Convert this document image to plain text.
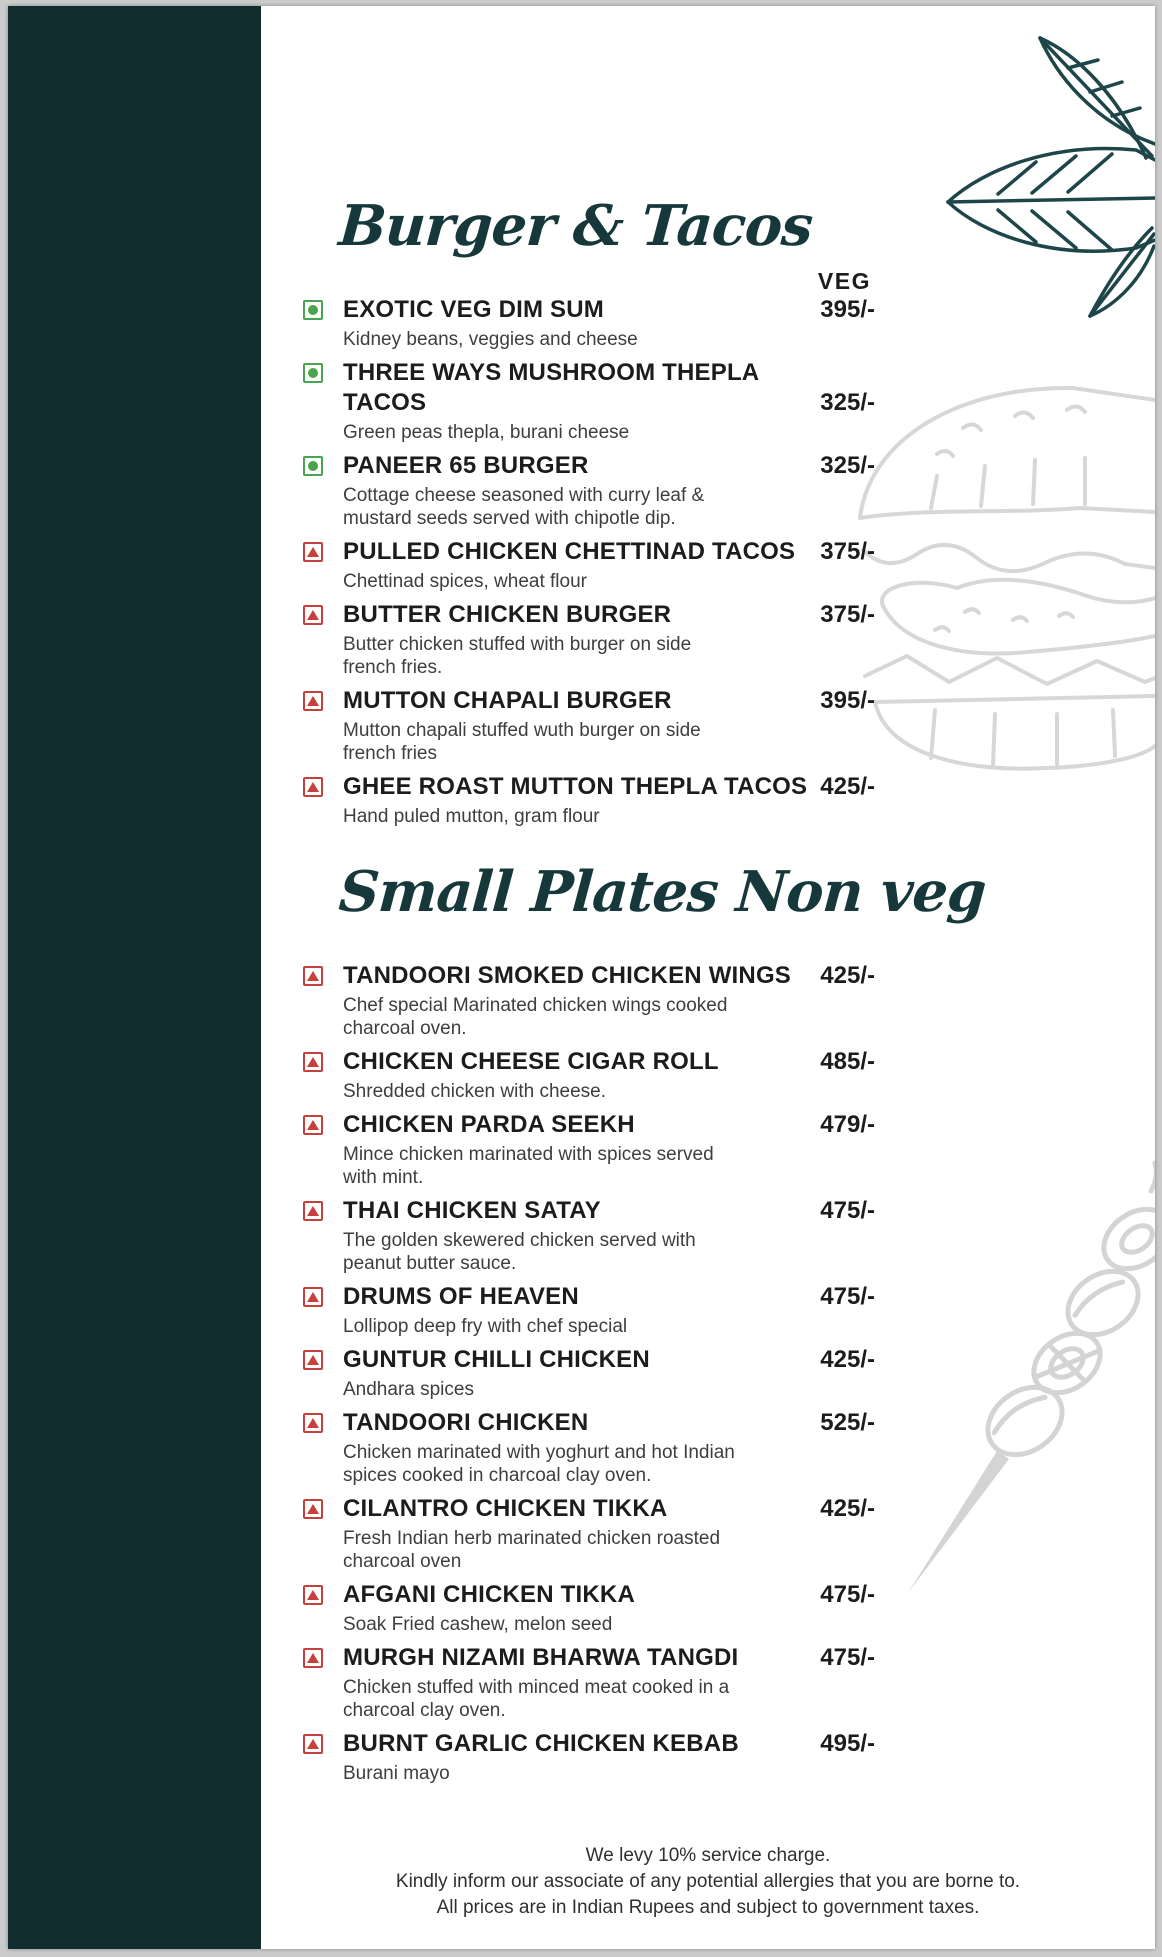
VEG
Burger & Tacos
EXOTIC VEG DIM SUM	395/-
Kidney beans, veggies and cheese
THREE WAYS MUSHROOM THEPLA
TACOS	325/-
Green peas thepla, burani cheese
PANEER 65 BURGER	325/-
Cottage cheese seasoned with curry leaf &
mustard seeds served with chipotle dip.
PULLED CHICKEN CHETTINAD TACOS	375/-
Chettinad spices, wheat flour
BUTTER CHICKEN BURGER	375/-
Butter chicken stuffed with burger on side
french fries.
MUTTON CHAPALI BURGER	395/-
Mutton chapali stuffed wuth burger on side
french fries
GHEE ROAST MUTTON THEPLA TACOS 425/-
Hand puled mutton, gram flour
Small Plates Non veg
TANDOORI SMOKED CHICKEN WINGS	425/-
Chef special Marinated chicken wings cooked
charcoal oven.
CHICKEN CHEESE CIGAR ROLL	485/-
Shredded chicken with cheese.
CHICKEN PARDA SEEKH	479/-
Mince chicken marinated with spices served
with mint.
THAI CHICKEN SATAY	475/-
The golden skewered chicken served with
peanut butter sauce.
DRUMS OF HEAVEN	475/-
Lollipop deep fry with chef special
GUNTUR CHILLI CHICKEN	425/-
Andhara spices
TANDOORI CHICKEN	525/-
Chicken marinated with yoghurt and hot Indian
spices cooked in charcoal clay oven.
CILANTRO CHICKEN TIKKA	425/-
Fresh Indian herb marinated chicken roasted
charcoal oven
AFGANI CHICKEN TIKKA	475/-
Soak Fried cashew, melon seed
MURGH NIZAMI BHARWA TANGDI	475/-
Chicken stuffed with minced meat cooked in a
charcoal clay oven.
BURNT GARLIC CHICKEN KEBAB	495/-
Burani mayo
We levy 10% service charge.
Kindly inform our associate of any potential allergies that you are borne to.
All prices are in Indian Rupees and subject to government taxes.
